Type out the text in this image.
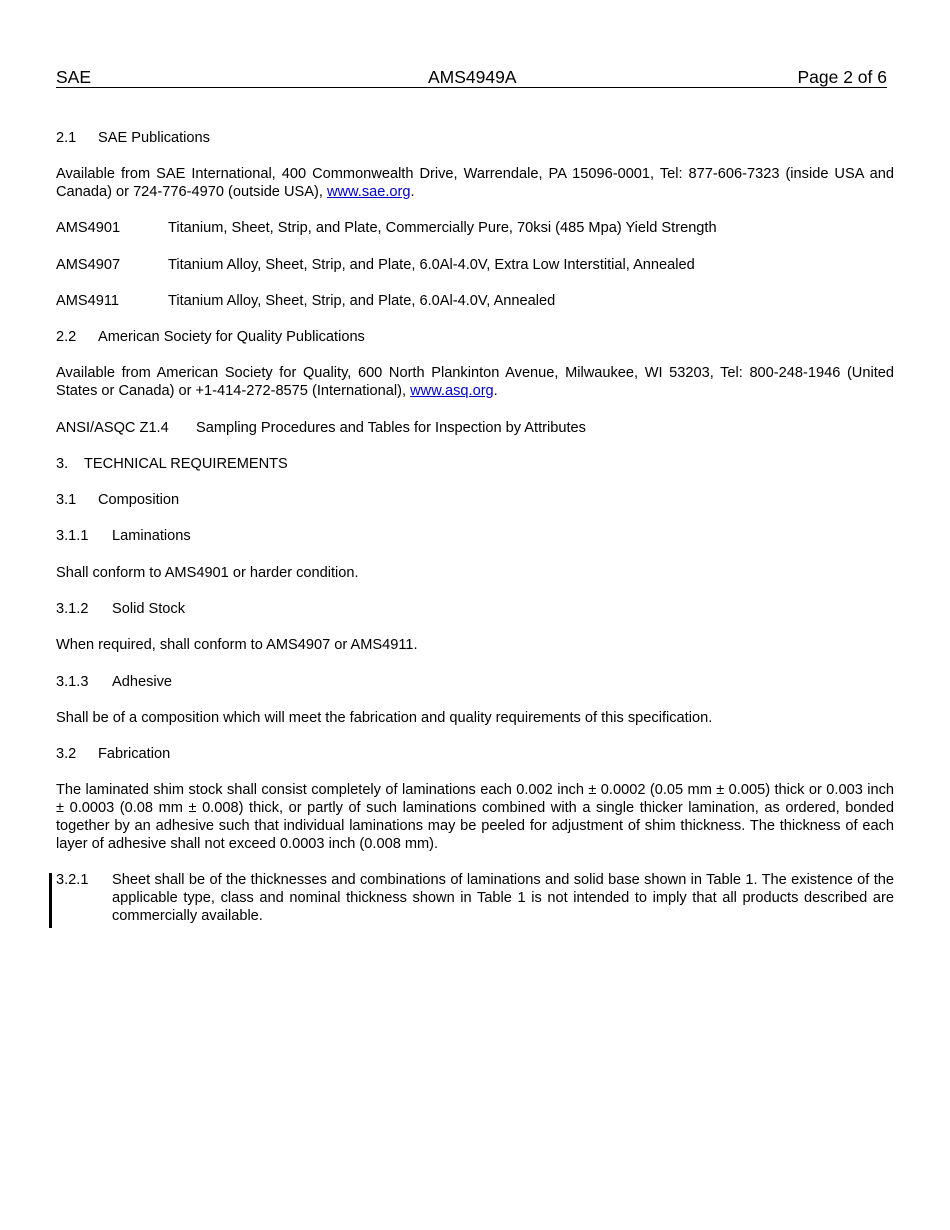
SAE	AMS4949A	Page 2 of 6
2.1 SAE Publications
Available from SAE International, 400 Commonwealth Drive, Warrendale, PA 15096-0001, Tel: 877-606-7323 (inside USA and Canada) or 724-776-4970 (outside USA), www.sae.org.
AMS4901	Titanium, Sheet, Strip, and Plate, Commercially Pure, 70ksi (485 Mpa) Yield Strength
AMS4907	Titanium Alloy, Sheet, Strip, and Plate, 6.0Al-4.0V, Extra Low Interstitial, Annealed
AMS4911	Titanium Alloy, Sheet, Strip, and Plate, 6.0Al-4.0V, Annealed
2.2 American Society for Quality Publications
Available from American Society for Quality, 600 North Plankinton Avenue, Milwaukee, WI 53203, Tel: 800-248-1946 (United States or Canada) or +1-414-272-8575 (International), www.asq.org.
ANSI/ASQC Z1.4 Sampling Procedures and Tables for Inspection by Attributes
3. TECHNICAL REQUIREMENTS
3.1 Composition
3.1.1 Laminations
Shall conform to AMS4901 or harder condition.
3.1.2 Solid Stock
When required, shall conform to AMS4907 or AMS4911.
3.1.3 Adhesive
Shall be of a composition which will meet the fabrication and quality requirements of this specification.
3.2 Fabrication
The laminated shim stock shall consist completely of laminations each 0.002 inch ± 0.0002 (0.05 mm ± 0.005) thick or 0.003 inch ± 0.0003 (0.08 mm ± 0.008) thick, or partly of such laminations combined with a single thicker lamination, as ordered, bonded together by an adhesive such that individual laminations may be peeled for adjustment of shim thickness. The thickness of each layer of adhesive shall not exceed 0.0003 inch (0.008 mm).
3.2.1 Sheet shall be of the thicknesses and combinations of laminations and solid base shown in Table 1. The existence of the applicable type, class and nominal thickness shown in Table 1 is not intended to imply that all products described are commercially available.
